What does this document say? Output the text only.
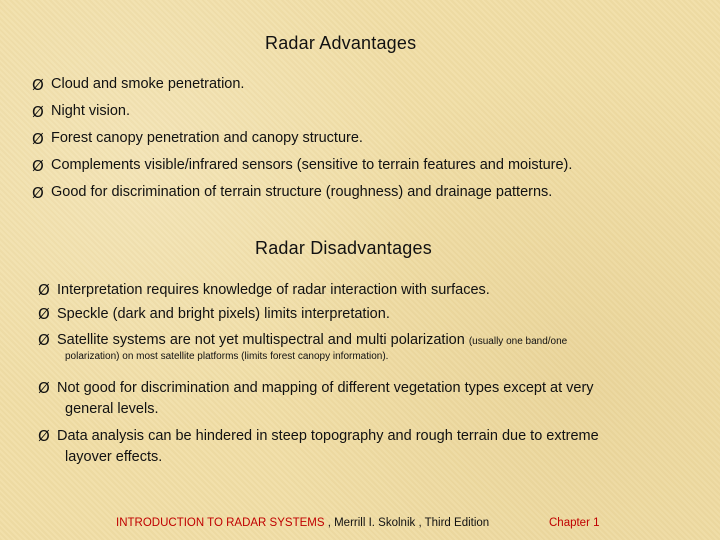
Radar Advantages
Ø Cloud and smoke penetration.
Ø Night vision.
Ø Forest canopy penetration and canopy structure.
Ø Complements visible/infrared sensors (sensitive to terrain features and moisture).
Ø Good for discrimination of terrain structure (roughness) and drainage patterns.
Radar Disadvantages
Ø Interpretation requires knowledge of radar interaction with surfaces.
Ø Speckle (dark and bright pixels) limits interpretation.
Ø Satellite systems are not yet multispectral and multi polarization (usually one band/one
polarization) on most satellite platforms (limits forest canopy information).
Ø Not good for discrimination and mapping of different vegetation types except at very
general levels.
Ø Data analysis can be hindered in steep topography and rough terrain due to extreme
layover effects.
INTRODUCTION TO RADAR SYSTEMS , Merrill I. Skolnik , Third Edition	Chapter 1
